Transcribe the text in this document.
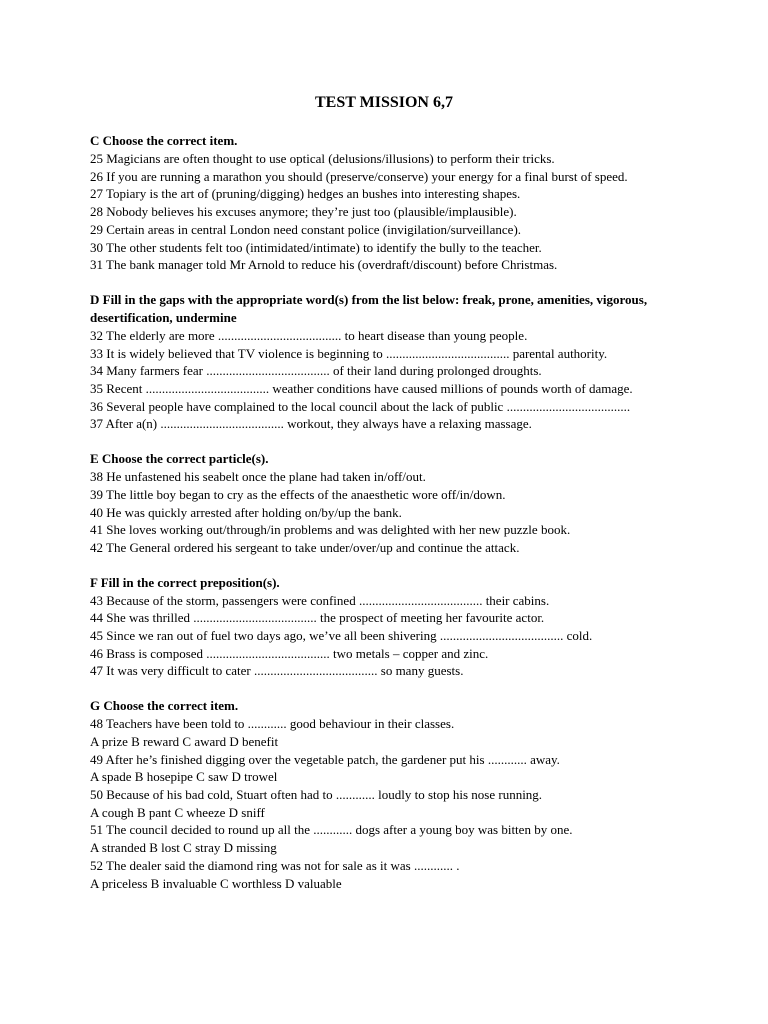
TEST MISSION 6,7
C Choose the correct item.
25 Magicians are often thought to use optical (delusions/illusions) to perform their tricks.
26 If you are running a marathon you should (preserve/conserve) your energy for a final burst of speed.
27 Topiary is the art of (pruning/digging) hedges an bushes into interesting shapes.
28 Nobody believes his excuses anymore; they’re just too (plausible/implausible).
29 Certain areas in central London need constant police (invigilation/surveillance).
30 The other students felt too (intimidated/intimate) to identify the bully to the teacher.
31 The bank manager told Mr Arnold to reduce his (overdraft/discount) before Christmas.
D Fill in the gaps with the appropriate word(s) from the list below: freak, prone, amenities, vigorous, desertification, undermine
32 The elderly are more ...................................... to heart disease than young people.
33 It is widely believed that TV violence is beginning to ...................................... parental authority.
34 Many farmers fear ...................................... of their land during prolonged droughts.
35 Recent ...................................... weather conditions have caused millions of pounds worth of damage.
36 Several people have complained to the local council about the lack of public ......................................
37 After a(n) ...................................... workout, they always have a relaxing massage.
E Choose the correct particle(s).
38 He unfastened his seabelt once the plane had taken in/off/out.
39 The little boy began to cry as the effects of the anaesthetic wore off/in/down.
40 He was quickly arrested after holding on/by/up the bank.
41 She loves working out/through/in problems and was delighted with her new puzzle book.
42 The General ordered his sergeant to take under/over/up and continue the attack.
F Fill in the correct preposition(s).
43 Because of the storm, passengers were confined ...................................... their cabins.
44 She was thrilled ...................................... the prospect of meeting her favourite actor.
45 Since we ran out of fuel two days ago, we’ve all been shivering ...................................... cold.
46 Brass is composed ...................................... two metals – copper and zinc.
47 It was very difficult to cater ...................................... so many guests.
G Choose the correct item.
48 Teachers have been told to ............ good behaviour in their classes.
A prize B reward C award D benefit
49 After he’s finished digging over the vegetable patch, the gardener put his ............ away.
A spade B hosepipe C saw D trowel
50 Because of his bad cold, Stuart often had to ............ loudly to stop his nose running.
A cough B pant C wheeze D sniff
51 The council decided to round up all the ............ dogs after a young boy was bitten by one.
A stranded B lost C stray D missing
52 The dealer said the diamond ring was not for sale as it was ............ .
A priceless B invaluable C worthless D valuable
